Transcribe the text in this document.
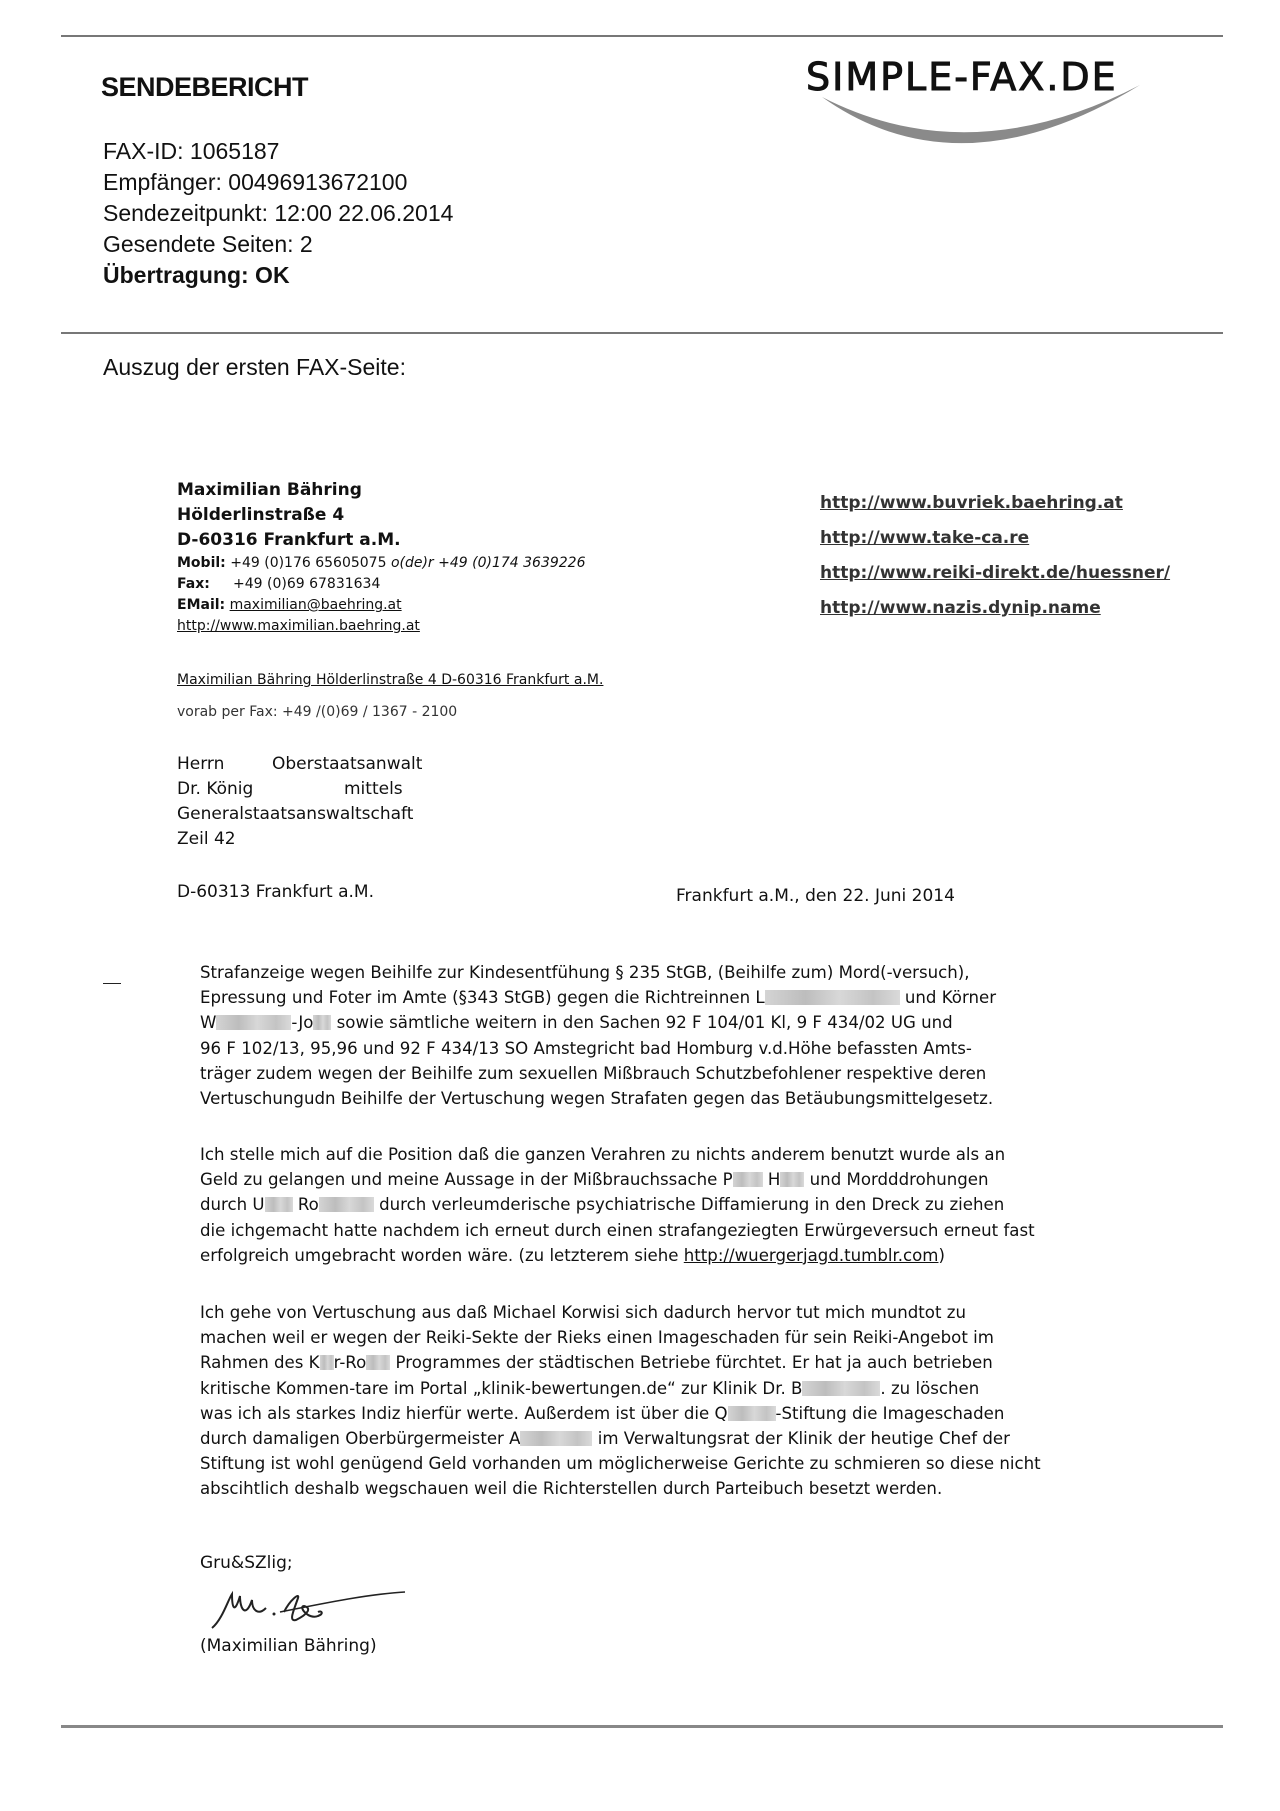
SENDEBERICHT
FAX-ID: 1065187
Empfänger: 00496913672100
Sendezeitpunkt: 12:00 22.06.2014
Gesendete Seiten: 2
Übertragung: OK
SIMPLE-FAX.DE
Auszug der ersten FAX-Seite:
Maximilian Bähring
Hölderlinstraße 4
D-60316 Frankfurt a.M.
Mobil: +49 (0)176 65605075 o(de)r +49 (0)174 3639226
Fax: +49 (0)69 67831634
EMail: maximilian@baehring.at
http://www.maximilian.baehring.at
http://www.buvriek.baehring.at
http://www.take-ca.re
http://www.reiki-direkt.de/huessner/
http://www.nazis.dynip.name
Maximilian Bähring Hölderlinstraße 4 D-60316 Frankfurt a.M.
vorab per Fax: +49 /(0)69 / 1367 - 2100
Herrn	Oberstaatsanwalt
Dr. König	mittels
Generalstaatsanswaltschaft
Zeil 42
D-60313 Frankfurt a.M.	Frankfurt a.M., den 22. Juni 2014
Strafanzeige wegen Beihilfe zur Kindesentfühung § 235 StGB, (Beihilfe zum) Mord(-versuch),
Epressung und Foter im Amte (§343 StGB) gegen die Richtreinnen L	und Körner
W	-Jo sowie sämtliche weitern in den Sachen 92 F 104/01 Kl, 9 F 434/02 UG und
96 F 102/13, 95,96 und 92 F 434/13 SO Amstegricht bad Homburg v.d.Höhe befassten Amts-
träger zudem wegen der Beihilfe zum sexuellen Mißbrauch Schutzbefohlener respektive deren
Vertuschungudn Beihilfe der Vertuschung wegen Strafaten gegen das Betäubungsmittelgesetz.
Ich stelle mich auf die Position daß die ganzen Verahren zu nichts anderem benutzt wurde als an
Geld zu gelangen und meine Aussage in der Mißbrauchssache P H und Mordddrohungen
durch U Ro	durch verleumderische psychiatrische Diffamierung in den Dreck zu ziehen
die ichgemacht hatte nachdem ich erneut durch einen strafangeziegten Erwürgeversuch erneut fast
erfolgreich umgebracht worden wäre. (zu letzterem siehe http://wuergerjagd.tumblr.com)
Ich gehe von Vertuschung aus daß Michael Korwisi sich dadurch hervor tut mich mundtot zu
machen weil er wegen der Reiki-Sekte der Rieks einen Imageschaden für sein Reiki-Angebot im
Rahmen des K r-Ro Programmes der städtischen Betriebe fürchtet. Er hat ja auch betrieben
kritische Kommen-tare im Portal „klinik-bewertungen.de“ zur Klinik Dr. B	. zu löschen
was ich als starkes Indiz hierfür werte. Außerdem ist über die Q	-Stiftung die Imageschaden
durch damaligen Oberbürgermeister A	im Verwaltungsrat der Klinik der heutige Chef der
Stiftung ist wohl genügend Geld vorhanden um möglicherweise Gerichte zu schmieren so diese nicht
abscihtlich deshalb wegschauen weil die Richterstellen durch Parteibuch besetzt werden.
Gru&SZlig;
(Maximilian Bähring)
